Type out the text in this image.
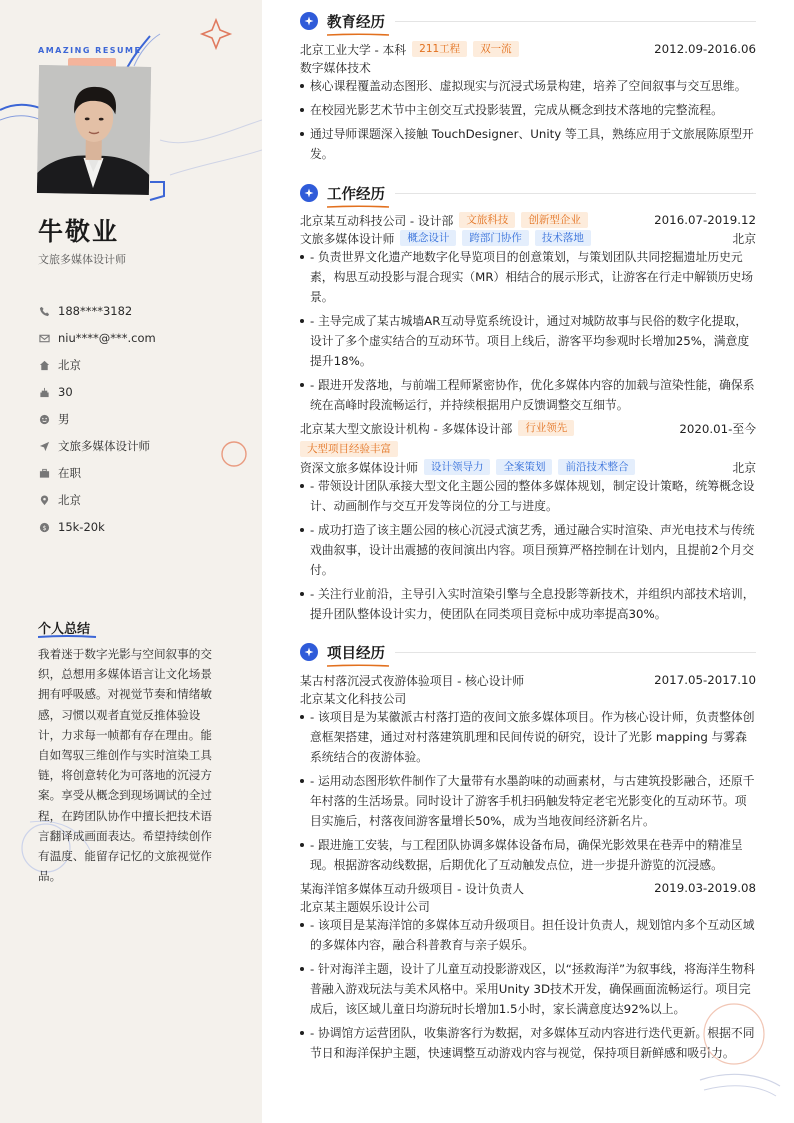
AMAZING RESUME
牛敬业
文旅多媒体设计师
188****3182
niu****@***.com
北京
30
男
文旅多媒体设计师
在职
北京
$ 15k-20k
个人总结
我着迷于数字光影与空间叙事的交织，总想用多媒体语言让文化场景拥有呼吸感。对视觉节奏和情绪敏感，习惯以观者直觉反推体验设计，力求每一帧都有存在理由。能自如驾驭三维创作与实时渲染工具链，将创意转化为可落地的沉浸方案。享受从概念到现场调试的全过程，在跨团队协作中擅长把技术语言翻译成画面表达。希望持续创作有温度、能留存记忆的文旅视觉作品。
教育经历
北京工业大学 - 本科	211工程	双一流	2012.09-2016.06
数字媒体技术
核心课程覆盖动态图形、虚拟现实与沉浸式场景构建，培养了空间叙事与交互思维。
在校园光影艺术节中主创交互式投影装置，完成从概念到技术落地的完整流程。
通过导师课题深入接触 TouchDesigner、Unity 等工具，熟练应用于文旅展陈原型开发。
工作经历
北京某互动科技公司 - 设计部	文旅科技	创新型企业	2016.07-2019.12
文旅多媒体设计师	概念设计	跨部门协作	技术落地	北京
- 负责世界文化遗产地数字化导览项目的创意策划，与策划团队共同挖掘遗址历史元素，构思互动投影与混合现实（MR）相结合的展示形式，让游客在行走中解锁历史场景。
- 主导完成了某古城墙AR互动导览系统设计，通过对城防故事与民俗的数字化提取，设计了多个虚实结合的互动环节。项目上线后，游客平均参观时长增加25%，满意度提升18%。
- 跟进开发落地，与前端工程师紧密协作，优化多媒体内容的加载与渲染性能，确保系统在高峰时段流畅运行，并持续根据用户反馈调整交互细节。
北京某大型文旅设计机构 - 多媒体设计部	行业领先	2020.01-至今
大型项目经验丰富
资深文旅多媒体设计师	设计领导力	全案策划	前沿技术整合	北京
- 带领设计团队承接大型文化主题公园的整体多媒体规划，制定设计策略，统筹概念设计、动画制作与交互开发等岗位的分工与进度。
- 成功打造了该主题公园的核心沉浸式演艺秀，通过融合实时渲染、声光电技术与传统戏曲叙事，设计出震撼的夜间演出内容。项目预算严格控制在计划内，且提前2个月交付。
- 关注行业前沿，主导引入实时渲染引擎与全息投影等新技术，并组织内部技术培训，提升团队整体设计实力，使团队在同类项目竞标中成功率提高30%。
项目经历
某古村落沉浸式夜游体验项目 - 核心设计师	2017.05-2017.10
北京某文化科技公司
- 该项目是为某徽派古村落打造的夜间文旅多媒体项目。作为核心设计师，负责整体创意框架搭建，通过对村落建筑肌理和民间传说的研究，设计了光影 mapping 与雾森系统结合的夜游体验。
- 运用动态图形软件制作了大量带有水墨韵味的动画素材，与古建筑投影融合，还原千年村落的生活场景。同时设计了游客手机扫码触发特定老宅光影变化的互动环节。项目实施后，村落夜间游客量增长50%，成为当地夜间经济新名片。
- 跟进施工安装，与工程团队协调多媒体设备布局，确保光影效果在巷弄中的精准呈现。根据游客动线数据，后期优化了互动触发点位，进一步提升游览的沉浸感。
某海洋馆多媒体互动升级项目 - 设计负责人	2019.03-2019.08
北京某主题娱乐设计公司
- 该项目是某海洋馆的多媒体互动升级项目。担任设计负责人，规划馆内多个互动区域的多媒体内容，融合科普教育与亲子娱乐。
- 针对海洋主题，设计了儿童互动投影游戏区，以“拯救海洋”为叙事线，将海洋生物科普融入游戏玩法与美术风格中。采用Unity 3D技术开发，确保画面流畅运行。项目完成后，该区域儿童日均游玩时长增加1.5小时，家长满意度达92%以上。
- 协调馆方运营团队，收集游客行为数据，对多媒体互动内容进行迭代更新。根据不同节日和海洋保护主题，快速调整互动游戏内容与视觉，保持项目新鲜感和吸引力。
